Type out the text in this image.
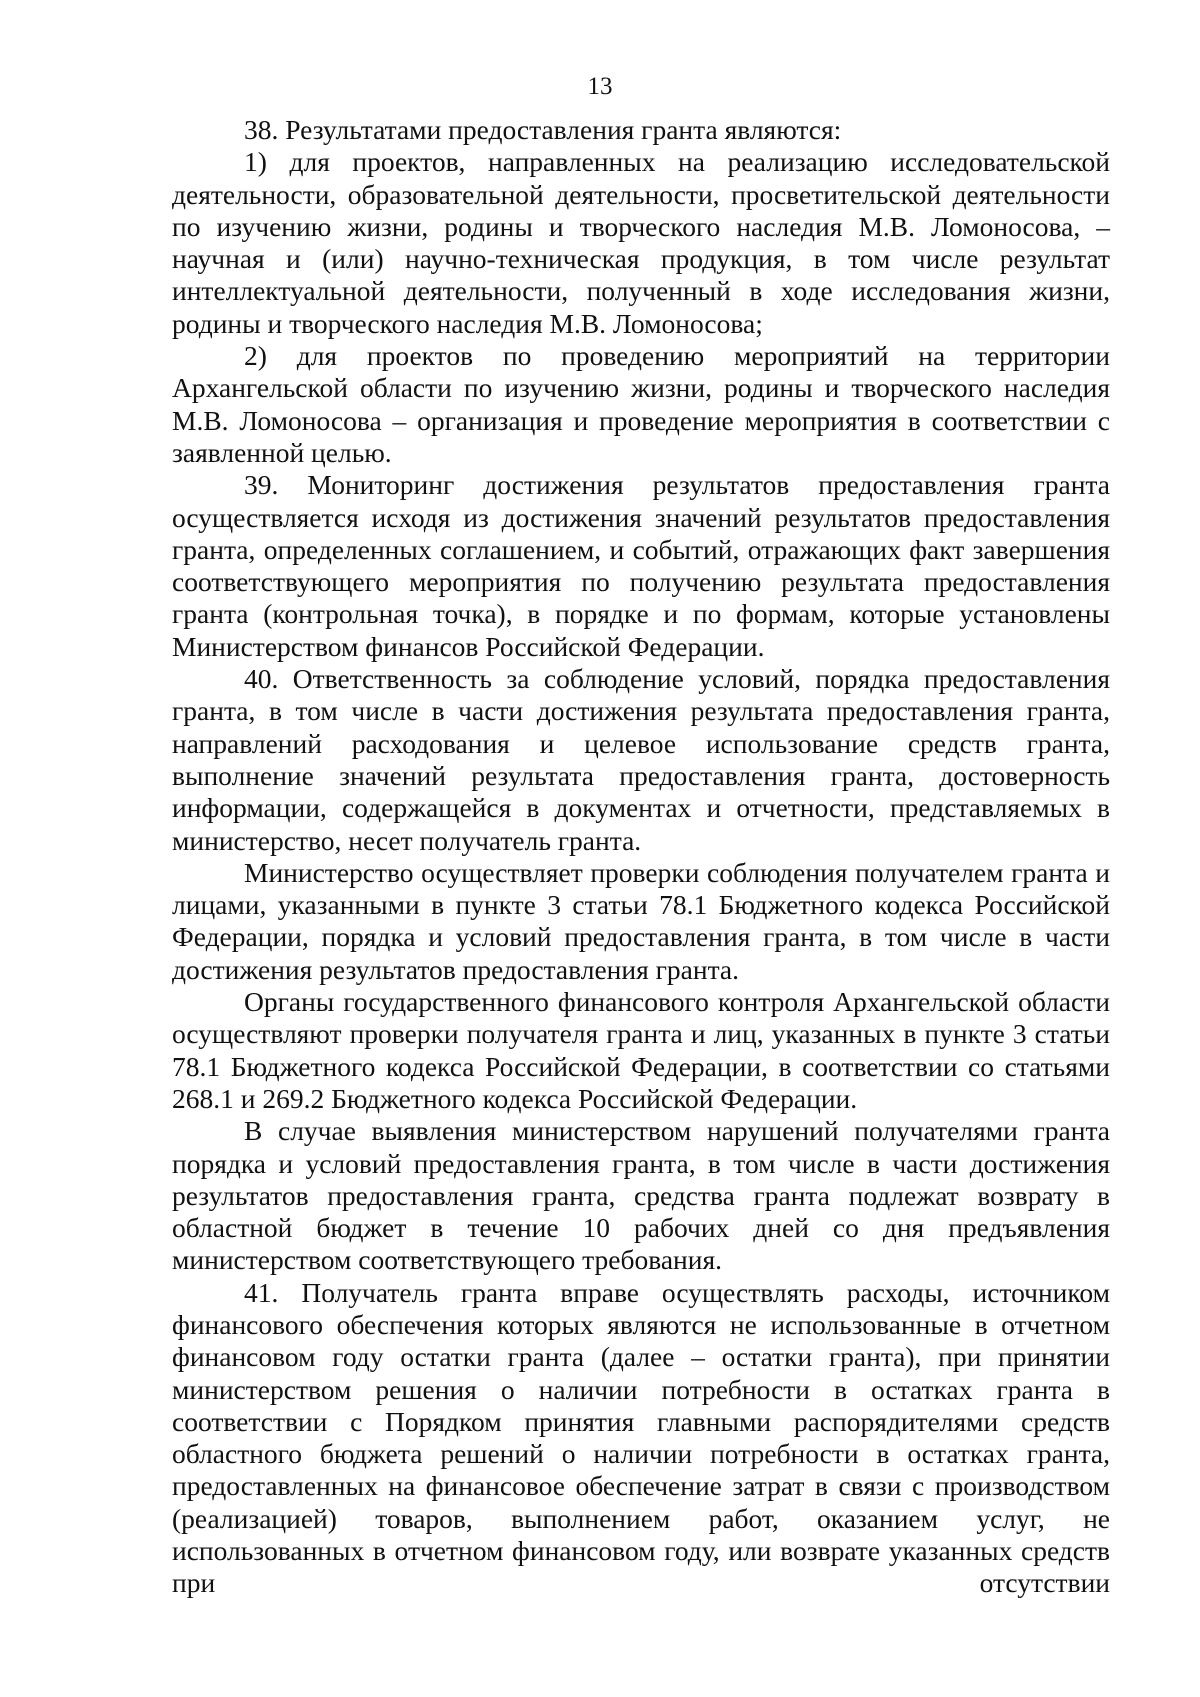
13

38. Результатами предоставления гранта являются:

1) для проектов, направленных на реализацию исследовательской деятельности, образовательной деятельности, просветительской деятельности по изучению жизни, родины и творческого наследия М.В. Ломоносова, – научная и (или) научно-техническая продукция, в том числе результат интеллектуальной деятельности, полученный в ходе исследования жизни, родины и творческого наследия М.В. Ломоносова;

2) для проектов по проведению мероприятий на территории Архангельской области по изучению жизни, родины и творческого наследия М.В. Ломоносова – организация и проведение мероприятия в соответствии с заявленной целью.

39. Мониторинг достижения результатов предоставления гранта осуществляется исходя из достижения значений результатов предоставления гранта, определенных соглашением, и событий, отражающих факт завершения соответствующего мероприятия по получению результата предоставления гранта (контрольная точка), в порядке и по формам, которые установлены Министерством финансов Российской Федерации.

40. Ответственность за соблюдение условий, порядка предоставления гранта, в том числе в части достижения результата предоставления гранта, направлений расходования и целевое использование средств гранта, выполнение значений результата предоставления гранта, достоверность информации, содержащейся в документах и отчетности, представляемых в министерство, несет получатель гранта.

Министерство осуществляет проверки соблюдения получателем гранта и лицами, указанными в пункте 3 статьи 78.1 Бюджетного кодекса Российской Федерации, порядка и условий предоставления гранта, в том числе в части достижения результатов предоставления гранта.

Органы государственного финансового контроля Архангельской области осуществляют проверки получателя гранта и лиц, указанных в пункте 3 статьи 78.1 Бюджетного кодекса Российской Федерации, в соответствии со статьями 268.1 и 269.2 Бюджетного кодекса Российской Федерации.

В случае выявления министерством нарушений получателями гранта порядка и условий предоставления гранта, в том числе в части достижения результатов предоставления гранта, средства гранта подлежат возврату в областной бюджет в течение 10 рабочих дней со дня предъявления министерством соответствующего требования.

41. Получатель гранта вправе осуществлять расходы, источником финансового обеспечения которых являются не использованные в отчетном финансовом году остатки гранта (далее – остатки гранта), при принятии министерством решения о наличии потребности в остатках гранта в соответствии с Порядком принятия главными распорядителями средств областного бюджета решений о наличии потребности в остатках гранта, предоставленных на финансовое обеспечение затрат в связи с производством (реализацией) товаров, выполнением работ, оказанием услуг, не использованных в отчетном финансовом году, или возврате указанных средств при отсутствии
